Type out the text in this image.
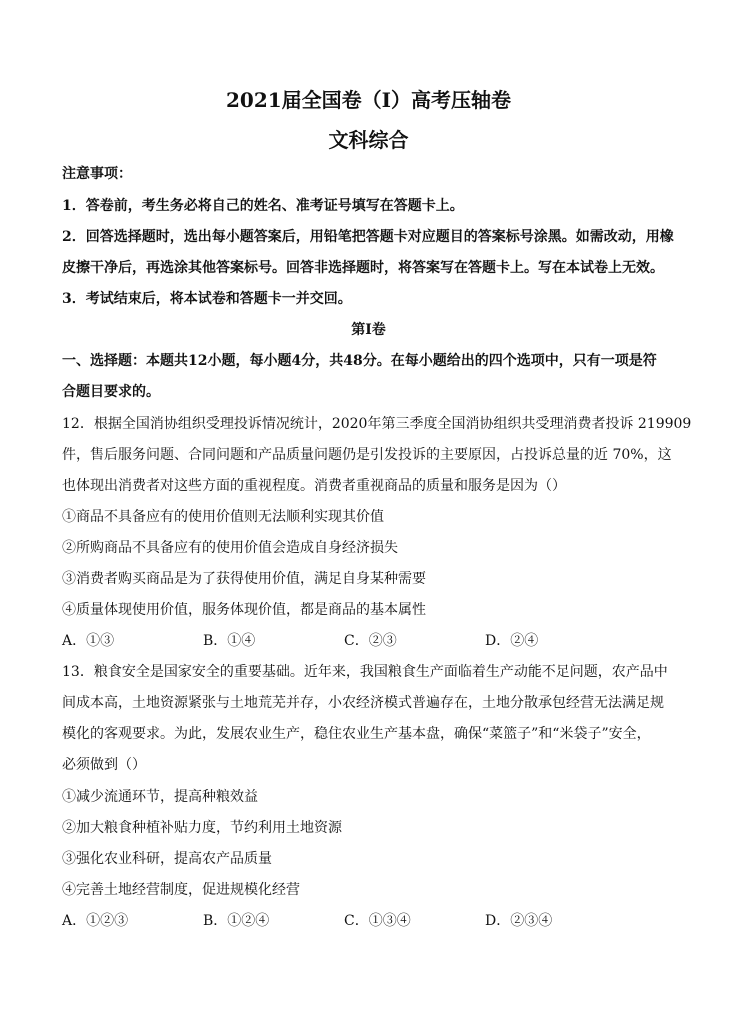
2021届全国卷（Ⅰ）高考压轴卷
文科综合
注意事项：
1．答卷前，考生务必将自己的姓名、准考证号填写在答题卡上。
2．回答选择题时，选出每小题答案后，用铅笔把答题卡对应题目的答案标号涂黑。如需改动，用橡
皮擦干净后，再选涂其他答案标号。回答非选择题时，将答案写在答题卡上。写在本试卷上无效。
3．考试结束后，将本试卷和答题卡一并交回。
第Ⅰ卷
一、选择题：本题共12小题，每小题4分，共48分。在每小题给出的四个选项中，只有一项是符
合题目要求的。
12．根据全国消协组织受理投诉情况统计，2020年第三季度全国消协组织共受理消费者投诉 219909
件，售后服务问题、合同问题和产品质量问题仍是引发投诉的主要原因，占投诉总量的近 70%，这
也体现出消费者对这些方面的重视程度。消费者重视商品的质量和服务是因为（）
①商品不具备应有的使用价值则无法顺利实现其价值
②所购商品不具备应有的使用价值会造成自身经济损失
③消费者购买商品是为了获得使用价值，满足自身某种需要
④质量体现使用价值，服务体现价值，都是商品的基本属性
A．①③	B．①④	C．②③	D．②④
13．粮食安全是国家安全的重要基础。近年来，我国粮食生产面临着生产动能不足问题，农产品中
间成本高，土地资源紧张与土地荒芜并存，小农经济模式普遍存在，土地分散承包经营无法满足规
模化的客观要求。为此，发展农业生产，稳住农业生产基本盘，确保“菜篮子”和“米袋子”安全，
必须做到（）
①减少流通环节，提高种粮效益
②加大粮食种植补贴力度，节约利用土地资源
③强化农业科研，提高农产品质量
④完善土地经营制度，促进规模化经营
A．①②③	B．①②④	C．①③④	D．②③④
